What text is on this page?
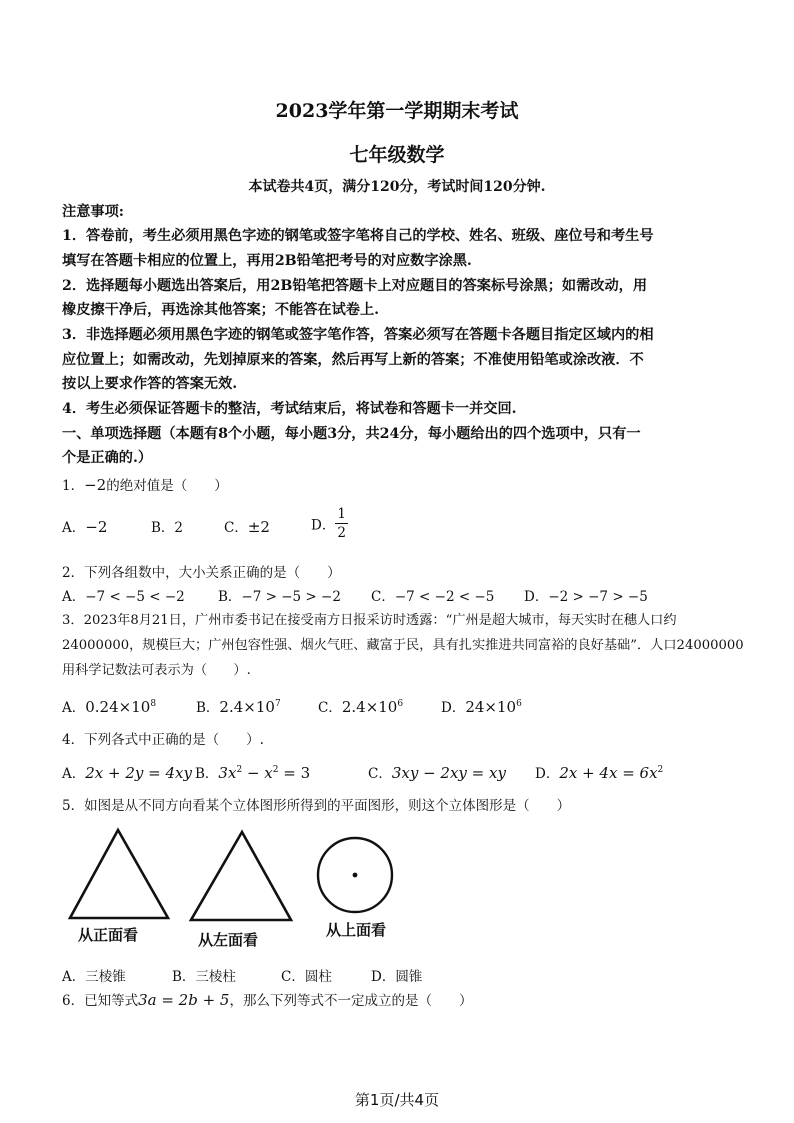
2023学年第一学期期末考试
七年级数学
本试卷共4页，满分120分，考试时间120分钟.
注意事项:
1．答卷前，考生必须用黑色字迹的钢笔或签字笔将自己的学校、姓名、班级、座位号和考生号
填写在答题卡相应的位置上，再用2B铅笔把考号的对应数字涂黑.
2．选择题每小题选出答案后，用2B铅笔把答题卡上对应题目的答案标号涂黑；如需改动，用
橡皮擦干净后，再选涂其他答案；不能答在试卷上.
3．非选择题必须用黑色字迹的钢笔或签字笔作答，答案必须写在答题卡各题目指定区域内的相
应位置上；如需改动，先划掉原来的答案，然后再写上新的答案；不准使用铅笔或涂改液．不
按以上要求作答的答案无效.
4．考生必须保证答题卡的整洁，考试结束后，将试卷和答题卡一并交回.
一、单项选择题（本题有8个小题，每小题3分，共24分，每小题给出的四个选项中，只有一
个是正确的.）
1．−2的绝对值是（　　）
A．−2	B．2	C．±2	D． $\frac{1}{2}$
2．下列各组数中，大小关系正确的是（　　）
A．−7 < −5 < −2 B．−7 > −5 > −2 C．−7 < −2 < −5 D．−2 > −7 > −5
3．2023年8月21日，广州市委书记在接受南方日报采访时透露：“广州是超大城市，每天实时在穗人口约
24000000，规模巨大；广州包容性强、烟火气旺、藏富于民，具有扎实推进共同富裕的良好基础”．人口24000000
用科学记数法可表示为（　　）.
A．$0.24\times 10^8$	B．$2.4\times 10^7$	C．$2.4\times 10^6$	D．$24\times 10^6$
4．下列各式中正确的是（　　）.
A．2x + 2y = 4xy B．$3x^2 - x^2 = 3$	C．3xy − 2xy = xy D．$2x + 4x = 6x^2$
5．如图是从不同方向看某个立体图形所得到的平面图形，则这个立体图形是（　　）
从正面看	从左面看
从上面看
A．三棱锥	B．三棱柱	C．圆柱	D．圆锥
6．已知等式3a = 2b + 5，那么下列等式不一定成立的是（　　）
第1页/共4页
